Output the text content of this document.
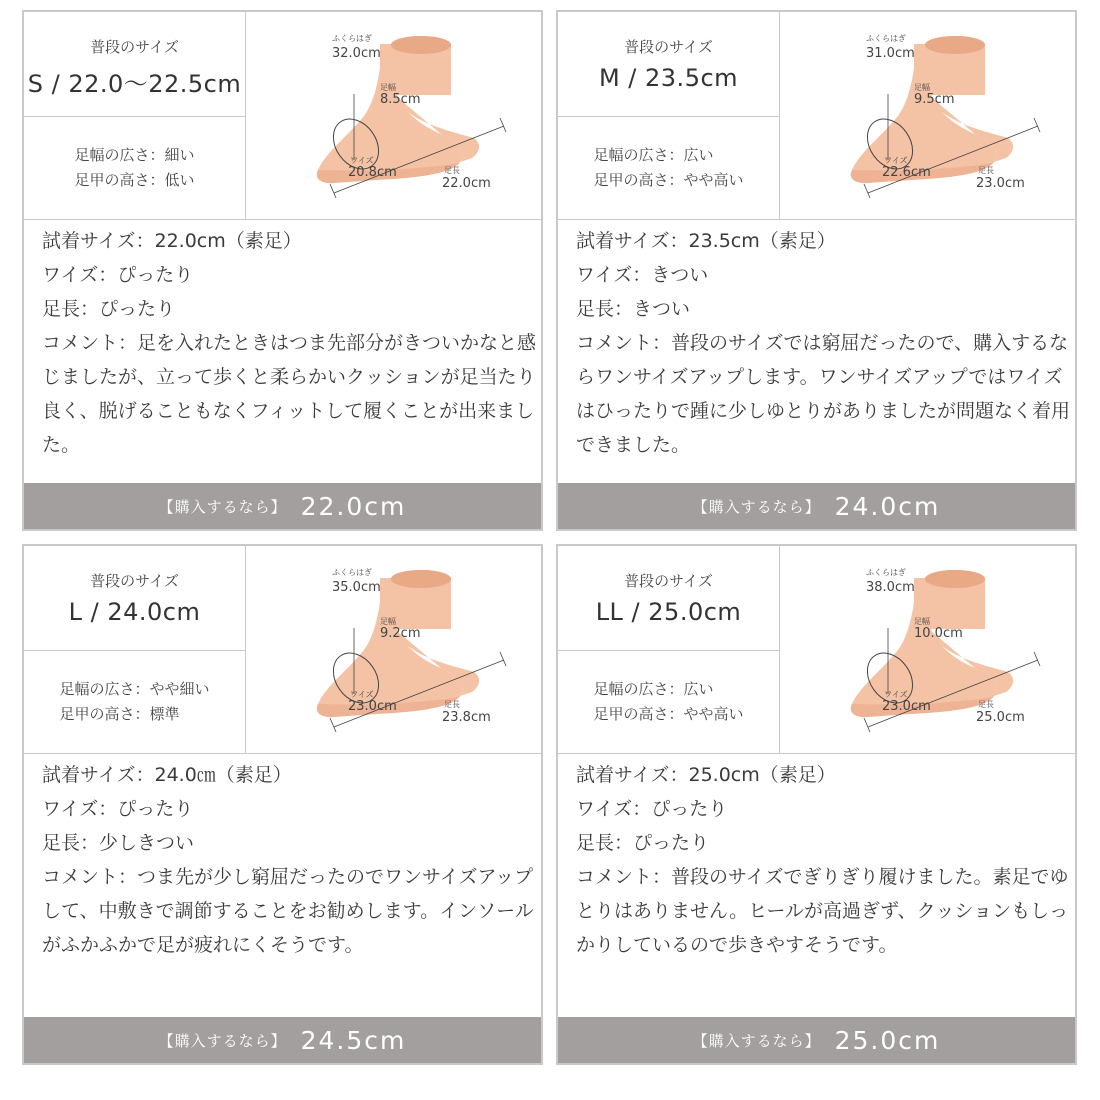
普段のサイズ
S / 22.0〜22.5cm
足幅の広さ：細い
足甲の高さ：低い
ふくらはぎ
32.0cm
足幅
8.5cm
ワイズ
20.8cm	足長
22.0cm
試着サイズ：22.0cm（素足）
ワイズ：ぴったり
足長：ぴったり
コメント：足を入れたときはつま先部分がきついかなと感じましたが、立って歩くと柔らかいクッションが足当たり良く、脱げることもなくフィットして履くことが出来ました。
【購入するなら】 22.0cm
普段のサイズ
M / 23.5cm
足幅の広さ：広い
足甲の高さ：やや高い
ふくらはぎ
31.0cm
足幅
9.5cm
ワイズ
22.6cm	足長
23.0cm
試着サイズ：23.5cm（素足）
ワイズ：きつい
足長：きつい
コメント：普段のサイズでは窮屈だったので、購入するならワンサイズアップします。ワンサイズアップではワイズはひったりで踵に少しゆとりがありましたが問題なく着用できました。
【購入するなら】 24.0cm
普段のサイズ
L / 24.0cm
足幅の広さ：やや細い
足甲の高さ：標準
ふくらはぎ
35.0cm
足幅
9.2cm
ワイズ
23.0cm	足長
23.8cm
試着サイズ：24.0㎝（素足）
ワイズ：ぴったり
足長：少しきつい
コメント：つま先が少し窮屈だったのでワンサイズアップして、中敷きで調節することをお勧めします。インソールがふかふかで足が疲れにくそうです。
【購入するなら】 24.5cm
普段のサイズ
LL / 25.0cm
足幅の広さ：広い
足甲の高さ：やや高い
ふくらはぎ
38.0cm
足幅
10.0cm
ワイズ
23.0cm	足長
25.0cm
試着サイズ：25.0cm（素足）
ワイズ：ぴったり
足長：ぴったり
コメント：普段のサイズでぎりぎり履けました。素足でゆとりはありません。ヒールが高過ぎず、クッションもしっかりしているので歩きやすそうです。
【購入するなら】 25.0cm
